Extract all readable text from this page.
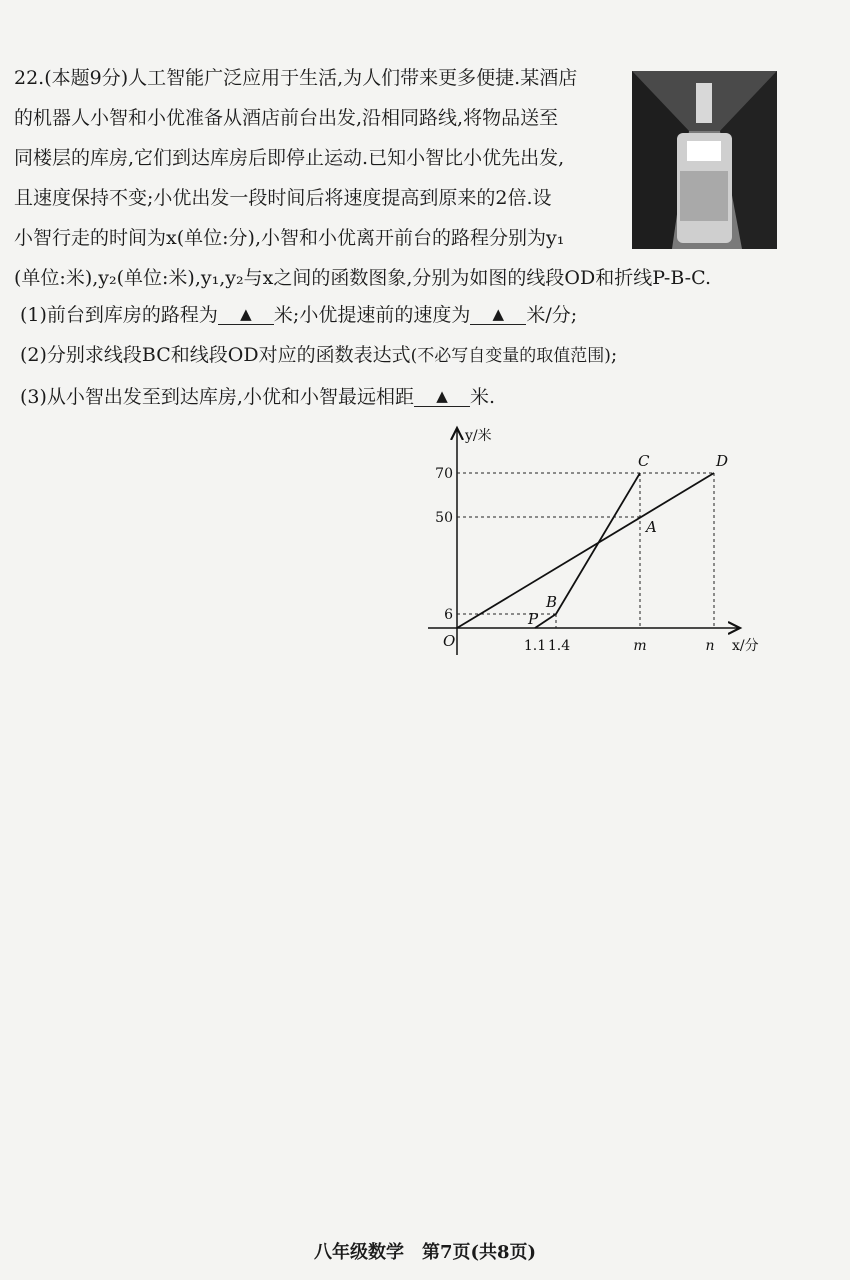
22.(本题9分)人工智能广泛应用于生活,为人们带来更多便捷.某酒店
的机器人小智和小优准备从酒店前台出发,沿相同路线,将物品送至
同楼层的库房,它们到达库房后即停止运动.已知小智比小优先出发,
且速度保持不变;小优出发一段时间后将速度提高到原来的2倍.设
小智行走的时间为x(单位:分),小智和小优离开前台的路程分别为y₁
(单位:米),y₂(单位:米),y₁,y₂与x之间的函数图象,分别为如图的线段OD和折线P-B-C.
(1)前台到库房的路程为 ▲ 米;小优提速前的速度为 ▲ 米/分;
(2)分别求线段BC和线段OD对应的函数表达式(不必写自变量的取值范围);
(3)从小智出发至到达库房,小优和小智最远相距 ▲ 米.
O
P
B
C	D
A
70
50
6
1.1 1.4	m	n
y/米
x/分
八年级数学　第7页(共8页)
